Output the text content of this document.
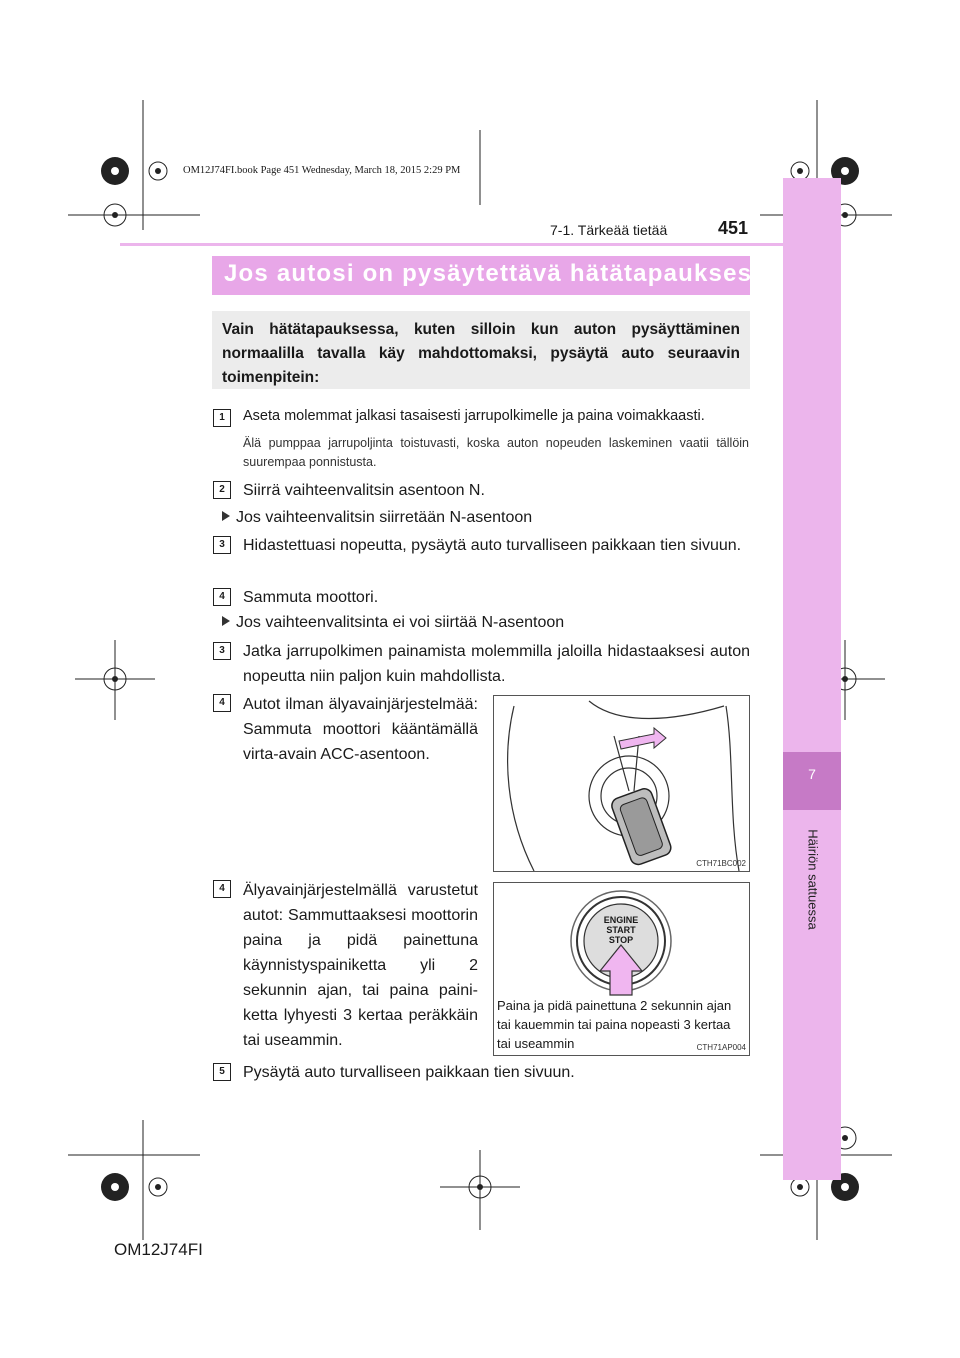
OM12J74FI.book Page 451 Wednesday, March 18, 2015 2:29 PM
7
Häiriön sattuessa
7-1. Tärkeää tietää	451
Jos autosi on pysäytettävä hätätapauksessa
Vain hätätapauksessa, kuten silloin kun auton pysäyttäminen normaalilla tavalla käy mahdottomaksi, pysäytä auto seuraavin toimenpitein:
1	Aseta molemmat jalkasi tasaisesti jarrupolkimelle ja paina voimakkaasti.
Älä pumppaa jarrupoljinta toistuvasti, koska auton nopeuden laskeminen vaatii tällöin suurempaa ponnistusta.
2	Siirrä vaihteenvalitsin asentoon N.
Jos vaihteenvalitsin siirretään N-asentoon
3	Hidastettuasi nopeutta, pysäytä auto turvalliseen paikkaan tien sivuun.
4	Sammuta moottori.
Jos vaihteenvalitsinta ei voi siirtää N-asentoon
3	Jatka jarrupolkimen painamista molemmilla jaloilla hidastaaksesi auton nopeutta niin paljon kuin mahdollista.
4	Autot ilman älyavainjärjestelmää: Sammuta moottori kääntämällä virta-avain ACC-asentoon.
CTH71BC002
4	Älyavainjärjestelmällä varustetut autot: Sammuttaaksesi moottorin paina ja pidä painettuna käynnistyspainiketta yli 2 sekunnin ajan, tai paina painiketta lyhyesti 3 kertaa peräkkäin tai useammin.
ENGINE
START
STOP
Paina ja pidä painettuna 2 sekunnin ajan tai kauemmin tai paina nopeasti 3 kertaa tai useammin	CTH71AP004
5	Pysäytä auto turvalliseen paikkaan tien sivuun.
OM12J74FI
